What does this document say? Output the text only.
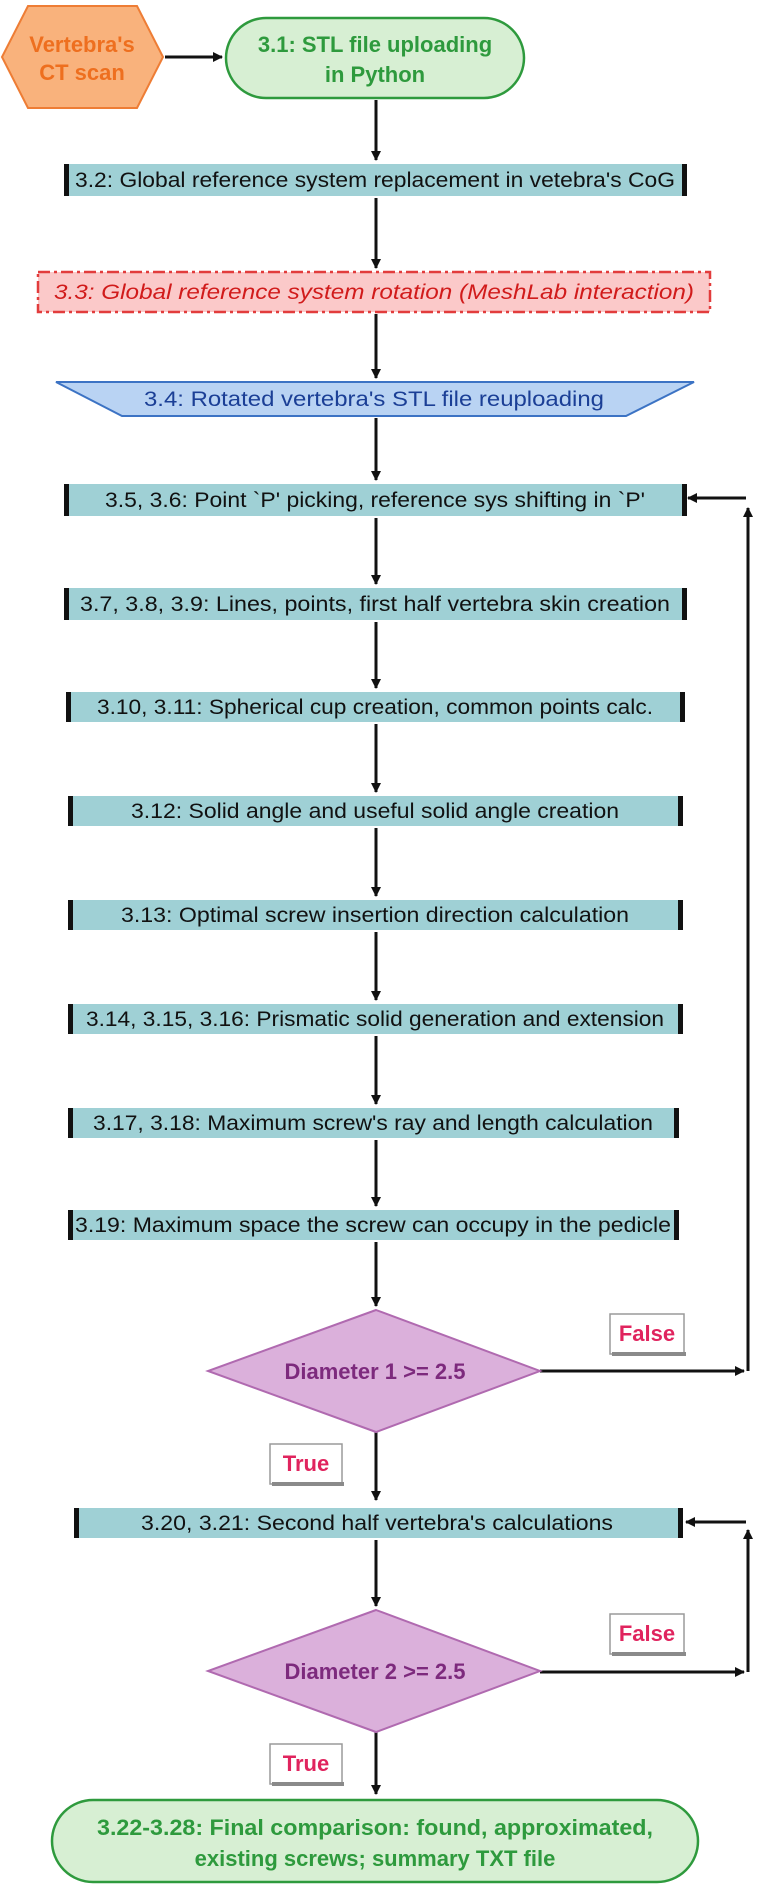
Vertebra's
CT scan
3.1: STL file uploading
in Python
3.2: Global reference system replacement in vetebra's CoG
3.3: Global reference system rotation (MeshLab interaction)
3.4: Rotated vertebra's STL file reuploading
3.5, 3.6: Point `P' picking, reference sys shifting in `P'
3.7, 3.8, 3.9: Lines, points, first half vertebra skin creation
3.10, 3.11: Spherical cup creation, common points calc.
3.12: Solid angle and useful solid angle creation
3.13: Optimal screw insertion direction calculation
3.14, 3.15, 3.16: Prismatic solid generation and extension
3.17, 3.18: Maximum screw's ray and length calculation
3.19: Maximum space the screw can occupy in the pedicle
Diameter 1 >= 2.5
False
True
3.20, 3.21: Second half vertebra's calculations
Diameter 2 >= 2.5
False
True
3.22-3.28: Final comparison: found, approximated,
existing screws; summary TXT file
